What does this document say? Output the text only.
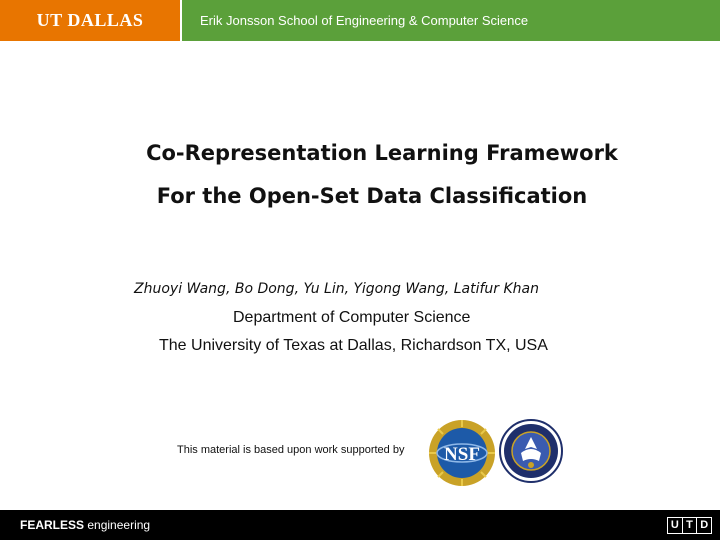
UT DALLAS	Erik Jonsson School of Engineering & Computer Science
Co-Representation Learning Framework
For the Open-Set Data Classification
Zhuoyi Wang, Bo Dong, Yu Lin, Yigong Wang, Latifur Khan
Department of Computer Science
The University of Texas at Dallas, Richardson TX, USA
This material is based upon work supported by NSF
FEARLESS engineering	U T D
